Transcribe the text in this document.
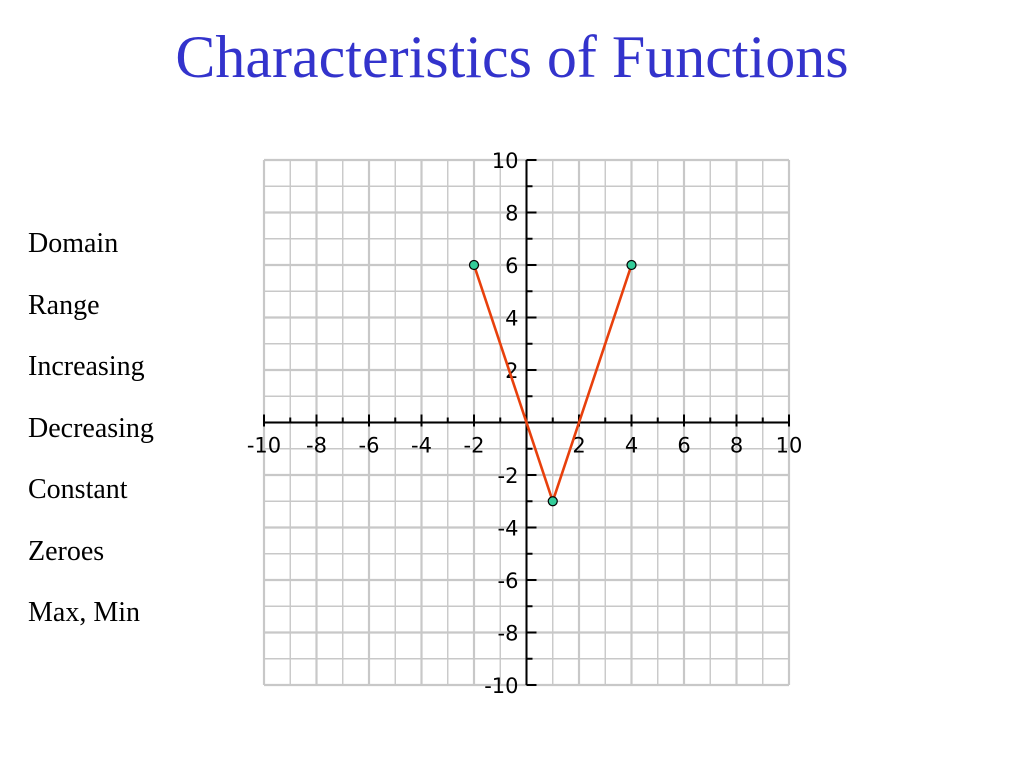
Characteristics of Functions
Domain
Range
Increasing
Decreasing
Constant
Zeroes
Max, Min
-10 -8 -6 -4 -2	2 4 6 8 10
10
8
6
4
2
-2
-4
-6
-8
-10
